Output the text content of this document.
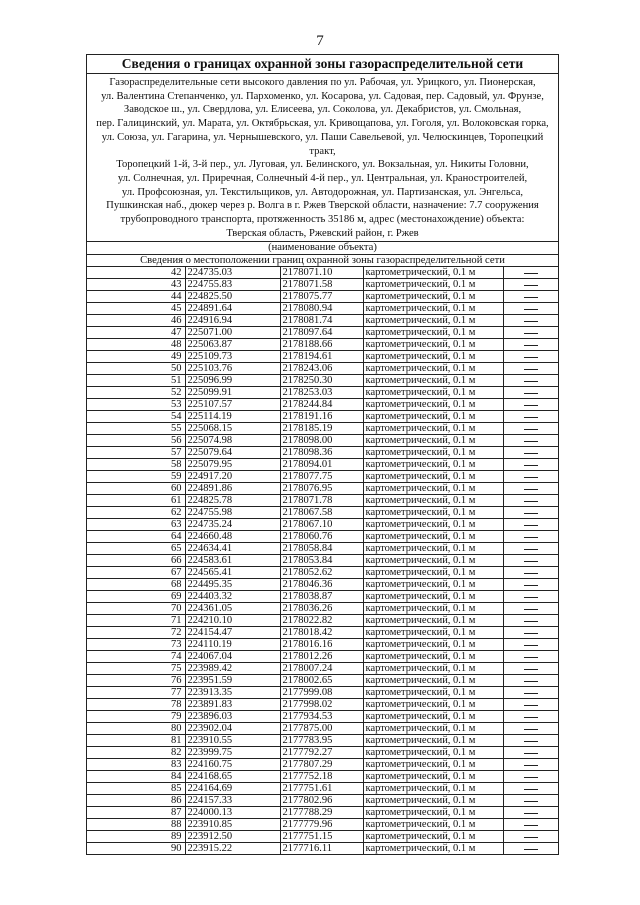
7
Сведения о границах охранной зоны газораспределительной сети
Газораспределительные сети высокого давления по ул. Рабочая, ул. Урицкого, ул. Пионерская,
ул. Валентина Степанченко, ул. Пархоменко, ул. Косарова, ул. Садовая, пер. Садовый, ул. Фрунзе,
Заводское ш., ул. Свердлова, ул. Елисеева, ул. Соколова, ул. Декабристов, ул. Смольная,
пер. Галицинский, ул. Марата, ул. Октябрьская, ул. Кривощапова, ул. Гоголя, ул. Волоковская горка,
ул. Союза, ул. Гагарина, ул. Чернышевского, ул. Паши Савельевой, ул. Челюскинцев, Торопецкий тракт,
Торопецкий 1-й, 3-й пер., ул. Луговая, ул. Белинского, ул. Вокзальная, ул. Никиты Головни,
ул. Солнечная, ул. Приречная, Солнечный 4-й пер., ул. Центральная, ул. Краностроителей,
ул. Профсоюзная, ул. Текстильщиков, ул. Автодорожная, ул. Партизанская, ул. Энгельса,
Пушкинская наб., дюкер через р. Волга в г. Ржев Тверской области, назначение: 7.7 сооружения
трубопроводного транспорта, протяженность 35186 м, адрес (местонахождение) объекта:
Тверская область, Ржевский район, г. Ржев
(наименование объекта)
Сведения о местоположении границ охранной зоны газораспределительной сети
42	224735.03	2178071.10	картометрический, 0.1 м	
43	224755.83	2178071.58	картометрический, 0.1 м	
44	224825.50	2178075.77	картометрический, 0.1 м	
45	224891.64	2178080.94	картометрический, 0.1 м	
46	224916.94	2178081.74	картометрический, 0.1 м	
47	225071.00	2178097.64	картометрический, 0.1 м	
48	225063.87	2178188.66	картометрический, 0.1 м	
49	225109.73	2178194.61	картометрический, 0.1 м	
50	225103.76	2178243.06	картометрический, 0.1 м	
51	225096.99	2178250.30	картометрический, 0.1 м	
52	225099.91	2178253.03	картометрический, 0.1 м	
53	225107.57	2178244.84	картометрический, 0.1 м	
54	225114.19	2178191.16	картометрический, 0.1 м	
55	225068.15	2178185.19	картометрический, 0.1 м	
56	225074.98	2178098.00	картометрический, 0.1 м	
57	225079.64	2178098.36	картометрический, 0.1 м	
58	225079.95	2178094.01	картометрический, 0.1 м	
59	224917.20	2178077.75	картометрический, 0.1 м	
60	224891.86	2178076.95	картометрический, 0.1 м	
61	224825.78	2178071.78	картометрический, 0.1 м	
62	224755.98	2178067.58	картометрический, 0.1 м	
63	224735.24	2178067.10	картометрический, 0.1 м	
64	224660.48	2178060.76	картометрический, 0.1 м	
65	224634.41	2178058.84	картометрический, 0.1 м	
66	224583.61	2178053.84	картометрический, 0.1 м	
67	224565.41	2178052.62	картометрический, 0.1 м	
68	224495.35	2178046.36	картометрический, 0.1 м	
69	224403.32	2178038.87	картометрический, 0.1 м	
70	224361.05	2178036.26	картометрический, 0.1 м	
71	224210.10	2178022.82	картометрический, 0.1 м	
72	224154.47	2178018.42	картометрический, 0.1 м	
73	224110.19	2178016.16	картометрический, 0.1 м	
74	224067.04	2178012.26	картометрический, 0.1 м	
75	223989.42	2178007.24	картометрический, 0.1 м	
76	223951.59	2178002.65	картометрический, 0.1 м	
77	223913.35	2177999.08	картометрический, 0.1 м	
78	223891.83	2177998.02	картометрический, 0.1 м	
79	223896.03	2177934.53	картометрический, 0.1 м	
80	223902.04	2177875.00	картометрический, 0.1 м	
81	223910.55	2177783.95	картометрический, 0.1 м	
82	223999.75	2177792.27	картометрический, 0.1 м	
83	224160.75	2177807.29	картометрический, 0.1 м	
84	224168.65	2177752.18	картометрический, 0.1 м	
85	224164.69	2177751.61	картометрический, 0.1 м	
86	224157.33	2177802.96	картометрический, 0.1 м	
87	224000.13	2177788.29	картометрический, 0.1 м	
88	223910.85	2177779.96	картометрический, 0.1 м	
89	223912.50	2177751.15	картометрический, 0.1 м	
90	223915.22	2177716.11	картометрический, 0.1 м	
